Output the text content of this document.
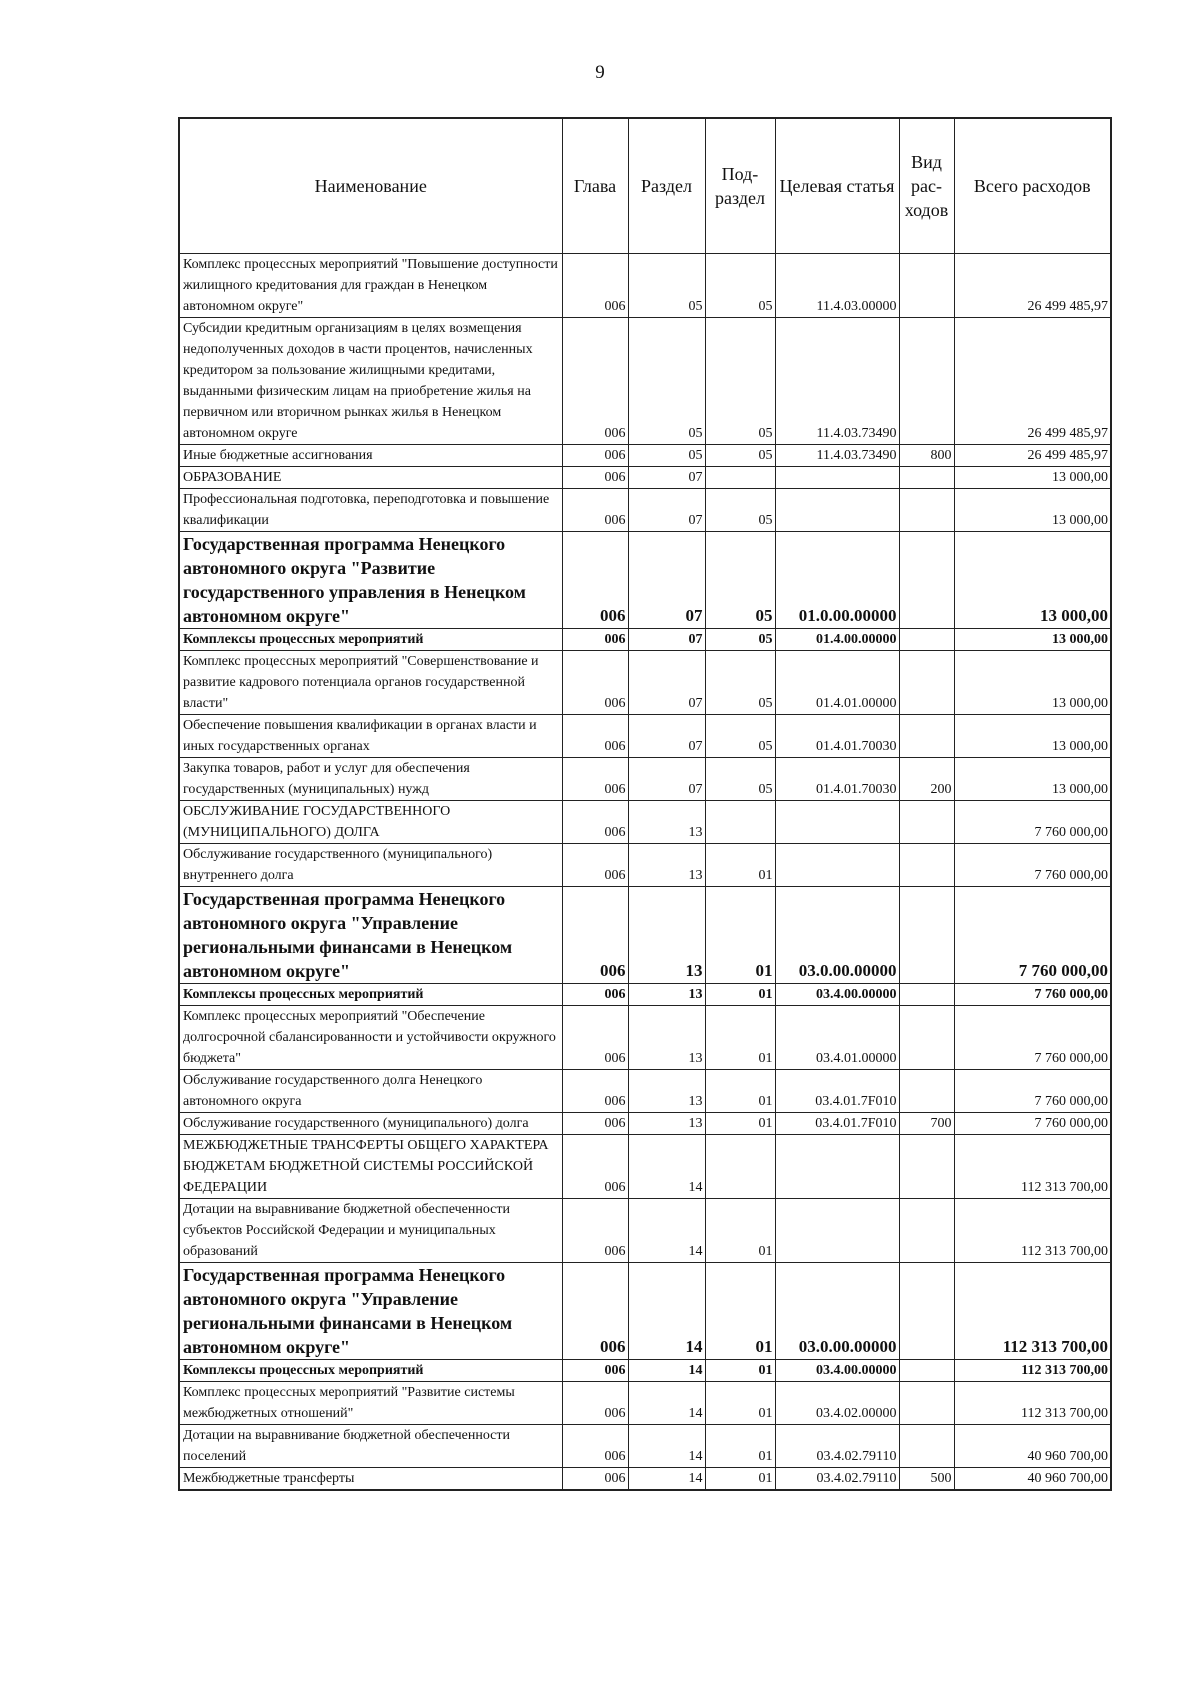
9
Наименование	Глава	Раздел	Под-раздел	Целевая статья	Вид рас-ходов	Всего расходов
Комплекс процессных мероприятий "Повышение доступности жилищного кредитования для граждан в Ненецком автономном округе"	006	05	05	11.4.03.00000		26 499 485,97
Субсидии кредитным организациям в целях возмещения недополученных доходов в части процентов, начисленных кредитором за пользование жилищными кредитами, выданными физическим лицам на приобретение жилья на первичном или вторичном рынках жилья в Ненецком автономном округе	006	05	05	11.4.03.73490		26 499 485,97
Иные бюджетные ассигнования	006	05	05	11.4.03.73490	800	26 499 485,97
ОБРАЗОВАНИЕ	006	07				13 000,00
Профессиональная подготовка, переподготовка и повышение квалификации	006	07	05			13 000,00
Государственная программа Ненецкого автономного округа "Развитие государственного управления в Ненецком автономном округе"	006	07	05	01.0.00.00000		13 000,00
Комплексы процессных мероприятий	006	07	05	01.4.00.00000		13 000,00
Комплекс процессных мероприятий "Совершенствование и развитие кадрового потенциала органов государственной власти"	006	07	05	01.4.01.00000		13 000,00
Обеспечение повышения квалификации в органах власти и иных государственных органах	006	07	05	01.4.01.70030		13 000,00
Закупка товаров, работ и услуг для обеспечения государственных (муниципальных) нужд	006	07	05	01.4.01.70030	200	13 000,00
ОБСЛУЖИВАНИЕ ГОСУДАРСТВЕННОГО (МУНИЦИПАЛЬНОГО) ДОЛГА	006	13				7 760 000,00
Обслуживание государственного (муниципального) внутреннего долга	006	13	01			7 760 000,00
Государственная программа Ненецкого автономного округа "Управление региональными финансами в Ненецком автономном округе"	006	13	01	03.0.00.00000		7 760 000,00
Комплексы процессных мероприятий	006	13	01	03.4.00.00000		7 760 000,00
Комплекс процессных мероприятий "Обеспечение долгосрочной сбалансированности и устойчивости окружного бюджета"	006	13	01	03.4.01.00000		7 760 000,00
Обслуживание государственного долга Ненецкого автономного округа	006	13	01	03.4.01.7F010		7 760 000,00
Обслуживание государственного (муниципального) долга	006	13	01	03.4.01.7F010	700	7 760 000,00
МЕЖБЮДЖЕТНЫЕ ТРАНСФЕРТЫ ОБЩЕГО ХАРАКТЕРА БЮДЖЕТАМ БЮДЖЕТНОЙ СИСТЕМЫ РОССИЙСКОЙ ФЕДЕРАЦИИ	006	14				112 313 700,00
Дотации на выравнивание бюджетной обеспеченности субъектов Российской Федерации и муниципальных образований	006	14	01			112 313 700,00
Государственная программа Ненецкого автономного округа "Управление региональными финансами в Ненецком автономном округе"	006	14	01	03.0.00.00000		112 313 700,00
Комплексы процессных мероприятий	006	14	01	03.4.00.00000		112 313 700,00
Комплекс процессных мероприятий "Развитие системы межбюджетных отношений"	006	14	01	03.4.02.00000		112 313 700,00
Дотации на выравнивание бюджетной обеспеченности поселений	006	14	01	03.4.02.79110		40 960 700,00
Межбюджетные трансферты	006	14	01	03.4.02.79110	500	40 960 700,00
